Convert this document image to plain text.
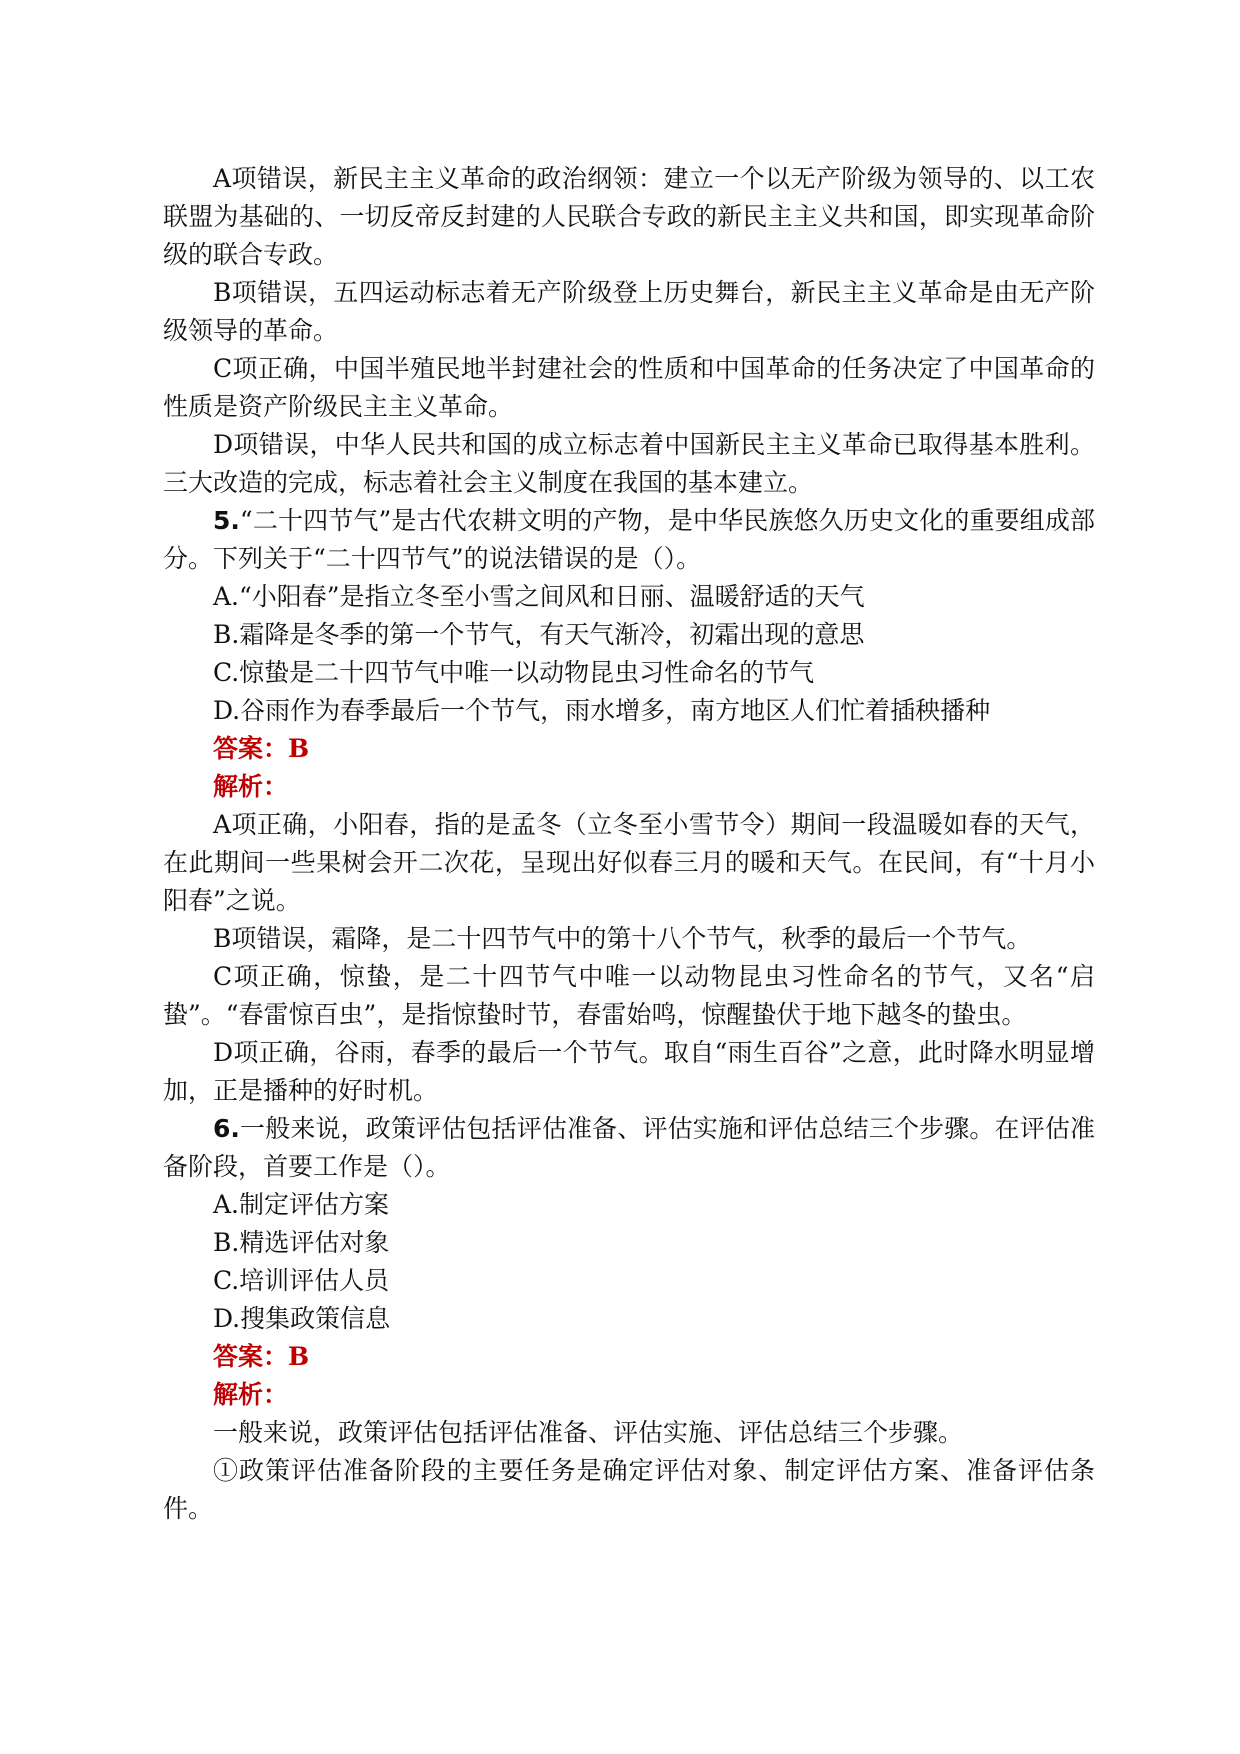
A项错误，新民主主义革命的政治纲领：建立一个以无产阶级为领导的、以工农联盟为基础的、一切反帝反封建的人民联合专政的新民主主义共和国，即实现革命阶级的联合专政。

B项错误，五四运动标志着无产阶级登上历史舞台，新民主主义革命是由无产阶级领导的革命。

C项正确，中国半殖民地半封建社会的性质和中国革命的任务决定了中国革命的性质是资产阶级民主主义革命。

D项错误，中华人民共和国的成立标志着中国新民主主义革命已取得基本胜利。三大改造的完成，标志着社会主义制度在我国的基本建立。

5.“二十四节气”是古代农耕文明的产物，是中华民族悠久历史文化的重要组成部分。下列关于“二十四节气”的说法错误的是（）。

A.“小阳春”是指立冬至小雪之间风和日丽、温暖舒适的天气

B.霜降是冬季的第一个节气，有天气渐冷，初霜出现的意思

C.惊蛰是二十四节气中唯一以动物昆虫习性命名的节气

D.谷雨作为春季最后一个节气，雨水增多，南方地区人们忙着插秧播种

答案：B

解析：

A项正确，小阳春，指的是孟冬（立冬至小雪节令）期间一段温暖如春的天气，在此期间一些果树会开二次花，呈现出好似春三月的暖和天气。在民间，有“十月小阳春”之说。

B项错误，霜降，是二十四节气中的第十八个节气，秋季的最后一个节气。

C项正确，惊蛰，是二十四节气中唯一以动物昆虫习性命名的节气，又名“启蛰”。“春雷惊百虫”，是指惊蛰时节，春雷始鸣，惊醒蛰伏于地下越冬的蛰虫。

D项正确，谷雨，春季的最后一个节气。取自“雨生百谷”之意，此时降水明显增加，正是播种的好时机。

6.一般来说，政策评估包括评估准备、评估实施和评估总结三个步骤。在评估准备阶段，首要工作是（）。

A.制定评估方案

B.精选评估对象

C.培训评估人员

D.搜集政策信息

答案：B

解析：

一般来说，政策评估包括评估准备、评估实施、评估总结三个步骤。

①政策评估准备阶段的主要任务是确定评估对象、制定评估方案、准备评估条件。
